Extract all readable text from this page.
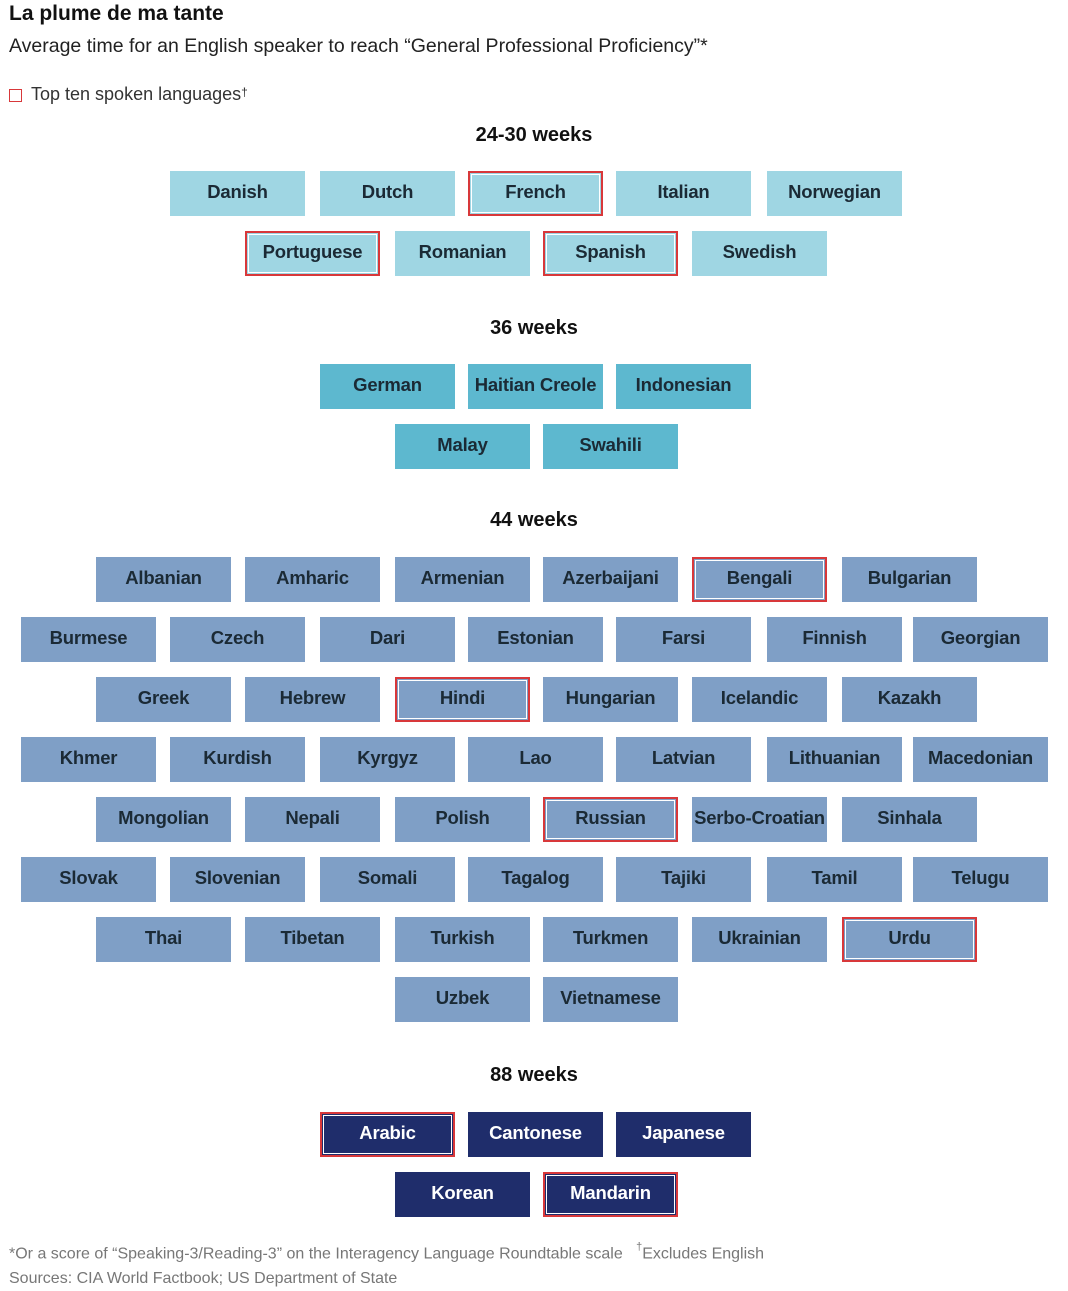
La plume de ma tante
Average time for an English speaker to reach “General Professional Proficiency”*
Top ten spoken languages†
24-30 weeks
Danish	Dutch	French	Italian	Norwegian
Portuguese	Romanian	Spanish	Swedish
36 weeks
German	Haitian Creole	Indonesian
Malay	Swahili
44 weeks
Albanian	Amharic	Armenian	Azerbaijani	Bengali	Bulgarian
Burmese	Czech	Dari	Estonian	Farsi	Finnish	Georgian
Greek	Hebrew	Hindi	Hungarian	Icelandic	Kazakh
Khmer	Kurdish	Kyrgyz	Lao	Latvian	Lithuanian	Macedonian
Mongolian	Nepali	Polish	Russian	Serbo-Croatian	Sinhala
Slovak	Slovenian	Somali	Tagalog	Tajiki	Tamil	Telugu
Thai	Tibetan	Turkish	Turkmen	Ukrainian	Urdu
Uzbek	Vietnamese
88 weeks
Arabic	Cantonese	Japanese
Korean	Mandarin
*Or a score of “Speaking-3/Reading-3” on the Interagency Language Roundtable scale †Excludes English
Sources: CIA World Factbook; US Department of State
